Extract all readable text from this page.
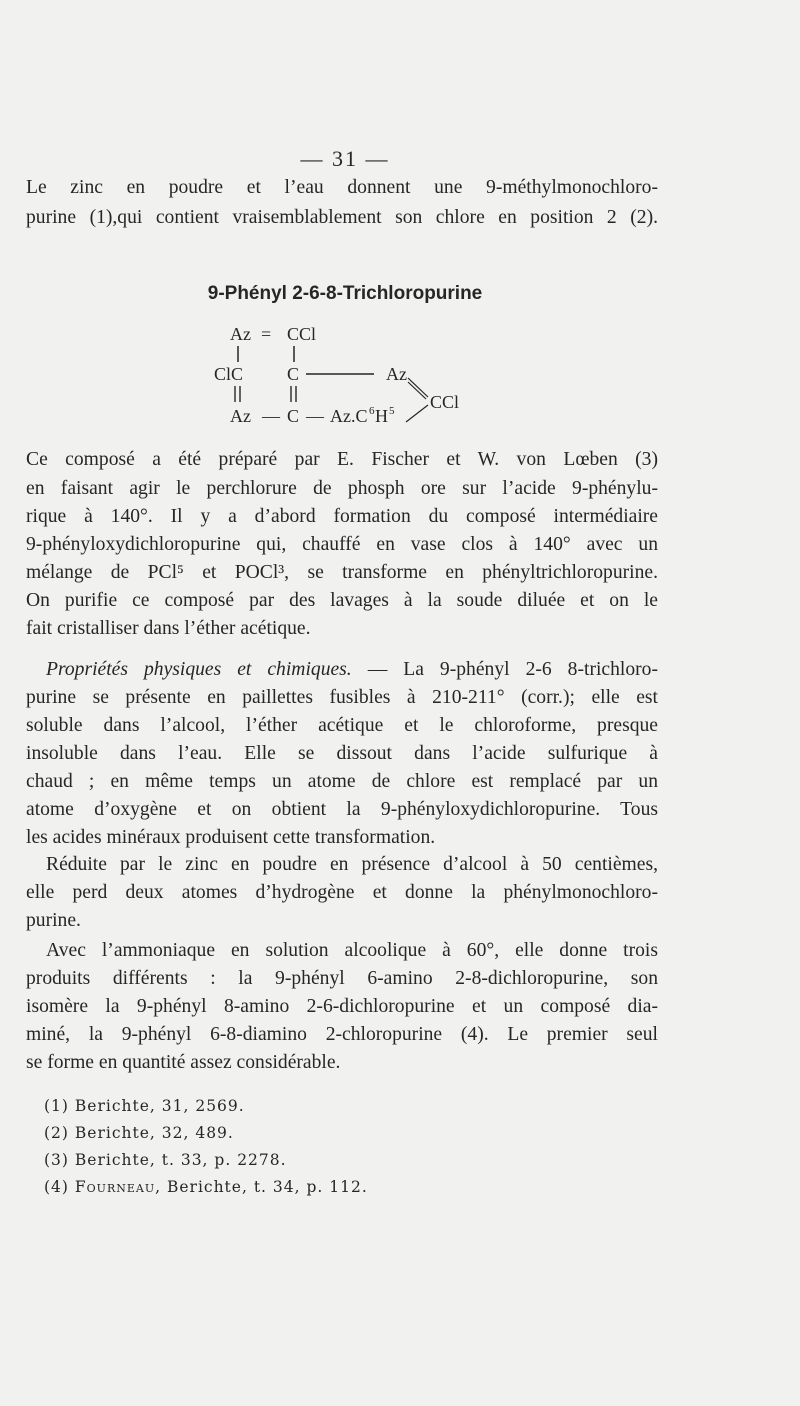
— 31 —
Le zinc en poudre et l’eau donnent une 9-méthylmonochloro-
purine (1),qui contient vraisemblablement son chlore en position 2 (2).
9-Phényl 2-6-8-Trichloropurine
Az = CCl
ClC C	Az
CCl
Az — C — Az.C 6 H 5
Ce composé a été préparé par E. Fischer et W. von Lœben (3)
en faisant agir le perchlorure de phosph ore sur l’acide 9-phénylu-
rique à 140°. Il y a d’abord formation du composé intermédiaire
9-phényloxydichloropurine qui, chauffé en vase clos à 140° avec un
mélange de PCl⁵ et POCl³, se transforme en phényltrichloropurine.
On purifie ce composé par des lavages à la soude diluée et on le
fait cristalliser dans l’éther acétique.
Propriétés physiques et chimiques. — La 9-phényl 2-6 8-trichloro-
purine se présente en paillettes fusibles à 210-211° (corr.); elle est
soluble dans l’alcool, l’éther acétique et le chloroforme, presque
insoluble dans l’eau. Elle se dissout dans l’acide sulfurique à
chaud ; en même temps un atome de chlore est remplacé par un
atome d’oxygène et on obtient la 9-phényloxydichloropurine. Tous
les acides minéraux produisent cette transformation.
Réduite par le zinc en poudre en présence d’alcool à 50 centièmes,
elle perd deux atomes d’hydrogène et donne la phénylmonochloro-
purine.
Avec l’ammoniaque en solution alcoolique à 60°, elle donne trois
produits différents : la 9-phényl 6-amino 2-8-dichloropurine, son
isomère la 9-phényl 8-amino 2-6-dichloropurine et un composé dia-
miné, la 9-phényl 6-8-diamino 2-chloropurine (4). Le premier seul
se forme en quantité assez considérable.
(1) Berichte, 31, 2569.
(2) Berichte, 32, 489.
(3) Berichte, t. 33, p. 2278.
(4) Fourneau, Berichte, t. 34, p. 112.
